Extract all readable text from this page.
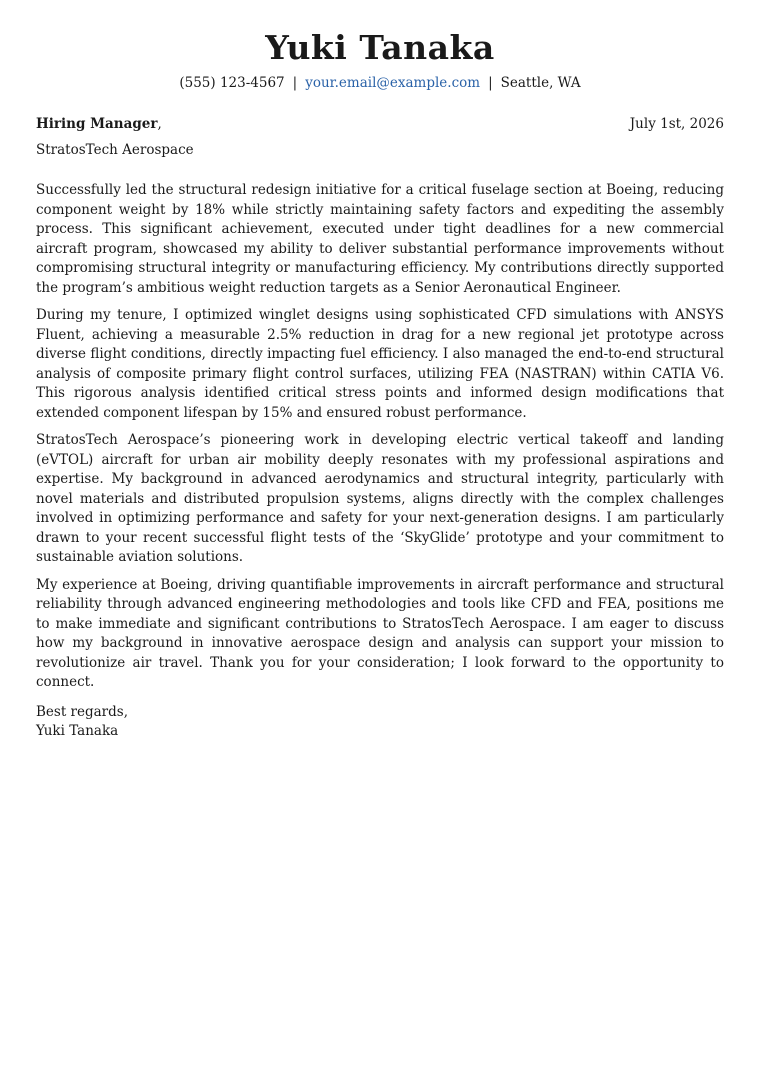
Yuki Tanaka
(555) 123-4567 | your.email@example.com | Seattle, WA
Hiring Manager,	July 1st, 2026
StratosTech Aerospace

Successfully led the structural redesign initiative for a critical fuselage section at Boeing, reducing component weight by 18% while strictly maintaining safety factors and expediting the assembly process. This significant achievement, executed under tight deadlines for a new commercial aircraft program, showcased my ability to deliver substantial performance improvements without compromising structural integrity or manufacturing efficiency. My contributions directly supported the program’s ambitious weight reduction targets as a Senior Aeronautical Engineer.

During my tenure, I optimized winglet designs using sophisticated CFD simulations with ANSYS Fluent, achieving a measurable 2.5% reduction in drag for a new regional jet prototype across diverse flight conditions, directly impacting fuel efficiency. I also managed the end-to-end structural analysis of composite primary flight control surfaces, utilizing FEA (NASTRAN) within CATIA V6. This rigorous analysis identified critical stress points and informed design modifications that extended component lifespan by 15% and ensured robust performance.

StratosTech Aerospace’s pioneering work in developing electric vertical takeoff and landing (eVTOL) aircraft for urban air mobility deeply resonates with my professional aspirations and expertise. My background in advanced aerodynamics and structural integrity, particularly with novel materials and distributed propulsion systems, aligns directly with the complex challenges involved in optimizing performance and safety for your next-generation designs. I am particularly drawn to your recent successful flight tests of the ‘SkyGlide’ prototype and your commitment to sustainable aviation solutions.

My experience at Boeing, driving quantifiable improvements in aircraft performance and structural reliability through advanced engineering methodologies and tools like CFD and FEA, positions me to make immediate and significant contributions to StratosTech Aerospace. I am eager to discuss how my background in innovative aerospace design and analysis can support your mission to revolutionize air travel. Thank you for your consideration; I look forward to the opportunity to connect.

Best regards,
Yuki Tanaka
